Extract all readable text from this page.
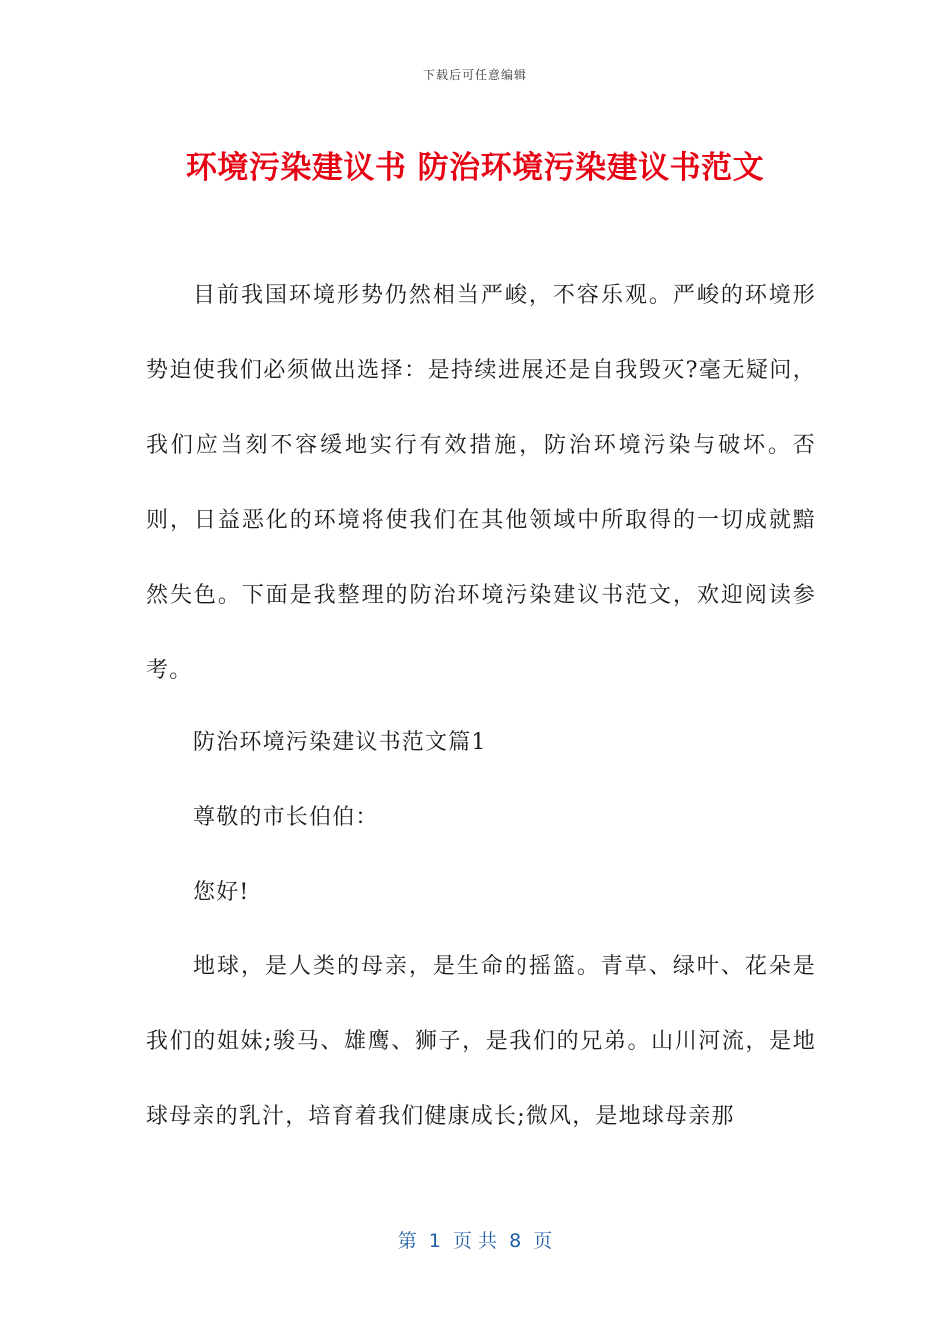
下载后可任意编辑
环境污染建议书 防治环境污染建议书范文

目前我国环境形势仍然相当严峻，不容乐观。严峻的环境形势迫使我们必须做出选择：是持续进展还是自我毁灭?毫无疑问，我们应当刻不容缓地实行有效措施，防治环境污染与破坏。否则，日益恶化的环境将使我们在其他领域中所取得的一切成就黯然失色。下面是我整理的防治环境污染建议书范文，欢迎阅读参考。

防治环境污染建议书范文篇1

尊敬的市长伯伯：

您好!

地球，是人类的母亲，是生命的摇篮。青草、绿叶、花朵是我们的姐妹;骏马、雄鹰、狮子，是我们的兄弟。山川河流，是地球母亲的乳汁，培育着我们健康成长;微风，是地球母亲那

第  1  页 共  8  页
